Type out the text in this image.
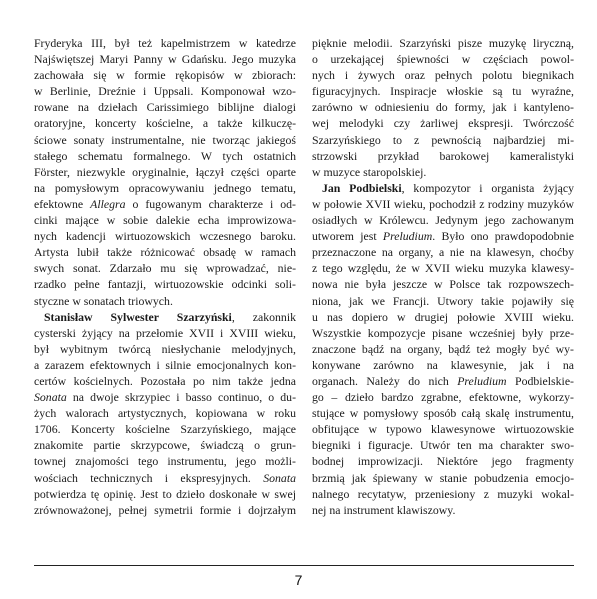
Fryderyka III, był też kapelmistrzem w katedrze
Najświętszej Maryi Panny w Gdańsku. Jego muzyka
zachowała się w formie rękopisów w zbiorach:
w Berlinie, Dreźnie i Uppsali. Komponował wzo-
rowane na dziełach Carissimiego biblijne dialogi
oratoryjne, koncerty kościelne, a także kilkuczę-
ściowe sonaty instrumentalne, nie tworząc jakiegoś
stałego schematu formalnego. W tych ostatnich
Förster, niezwykle oryginalnie, łączył części oparte
na pomysłowym opracowywaniu jednego tematu,
efektowne Allegra o fugowanym charakterze i od-
cinki mające w sobie dalekie echa improwizowa-
nych kadencji wirtuozowskich wczesnego baroku.
Artysta lubił także różnicować obsadę w ramach
swych sonat. Zdarzało mu się wprowadzać, nie-
rzadko pełne fantazji, wirtuozowskie odcinki soli-
styczne w sonatach triowych.
Stanisław Sylwester Szarzyński, zakonnik
cysterski żyjący na przełomie XVII i XVIII wieku,
był wybitnym twórcą niesłychanie melodyjnych,
a zarazem efektownych i silnie emocjonalnych kon-
certów kościelnych. Pozostała po nim także jedna
Sonata na dwoje skrzypiec i basso continuo, o du-
żych walorach artystycznych, kopiowana w roku
1706. Koncerty kościelne Szarzyńskiego, mające
znakomite partie skrzypcowe, świadczą o grun-
townej znajomości tego instrumentu, jego możli-
wościach technicznych i ekspresyjnych. Sonata
potwierdza tę opinię. Jest to dzieło doskonałe w swej
zrównoważonej, pełnej symetrii formie i dojrzałym
pięknie melodii. Szarzyński pisze muzykę liryczną,
o urzekającej śpiewności w częściach powol-
nych i żywych oraz pełnych polotu biegnikach
figuracyjnych. Inspiracje włoskie są tu wyraźne,
zarówno w odniesieniu do formy, jak i kantyleno-
wej melodyki czy żarliwej ekspresji. Twórczość
Szarzyńskiego to z pewnością najbardziej mi-
strzowski przykład barokowej kameralistyki
w muzyce staropolskiej.
Jan Podbielski, kompozytor i organista żyjący
w połowie XVII wieku, pochodził z rodziny muzyków
osiadłych w Królewcu. Jedynym jego zachowanym
utworem jest Preludium. Było ono prawdopodobnie
przeznaczone na organy, a nie na klawesyn, choćby
z tego względu, że w XVII wieku muzyka klawesy-
nowa nie była jeszcze w Polsce tak rozpowszech-
niona, jak we Francji. Utwory takie pojawiły się
u nas dopiero w drugiej połowie XVIII wieku.
Wszystkie kompozycje pisane wcześniej były prze-
znaczone bądź na organy, bądź też mogły być wy-
konywane zarówno na klawesynie, jak i na
organach. Należy do nich Preludium Podbielskie-
go – dzieło bardzo zgrabne, efektowne, wykorzy-
stujące w pomysłowy sposób całą skalę instrumentu,
obfitujące w typowo klawesynowe wirtuozowskie
biegniki i figuracje. Utwór ten ma charakter swo-
bodnej improwizacji. Niektóre jego fragmenty
brzmią jak śpiewany w stanie pobudzenia emocjo-
nalnego recytatyw, przeniesiony z muzyki wokal-
nej na instrument klawiszowy.
7
